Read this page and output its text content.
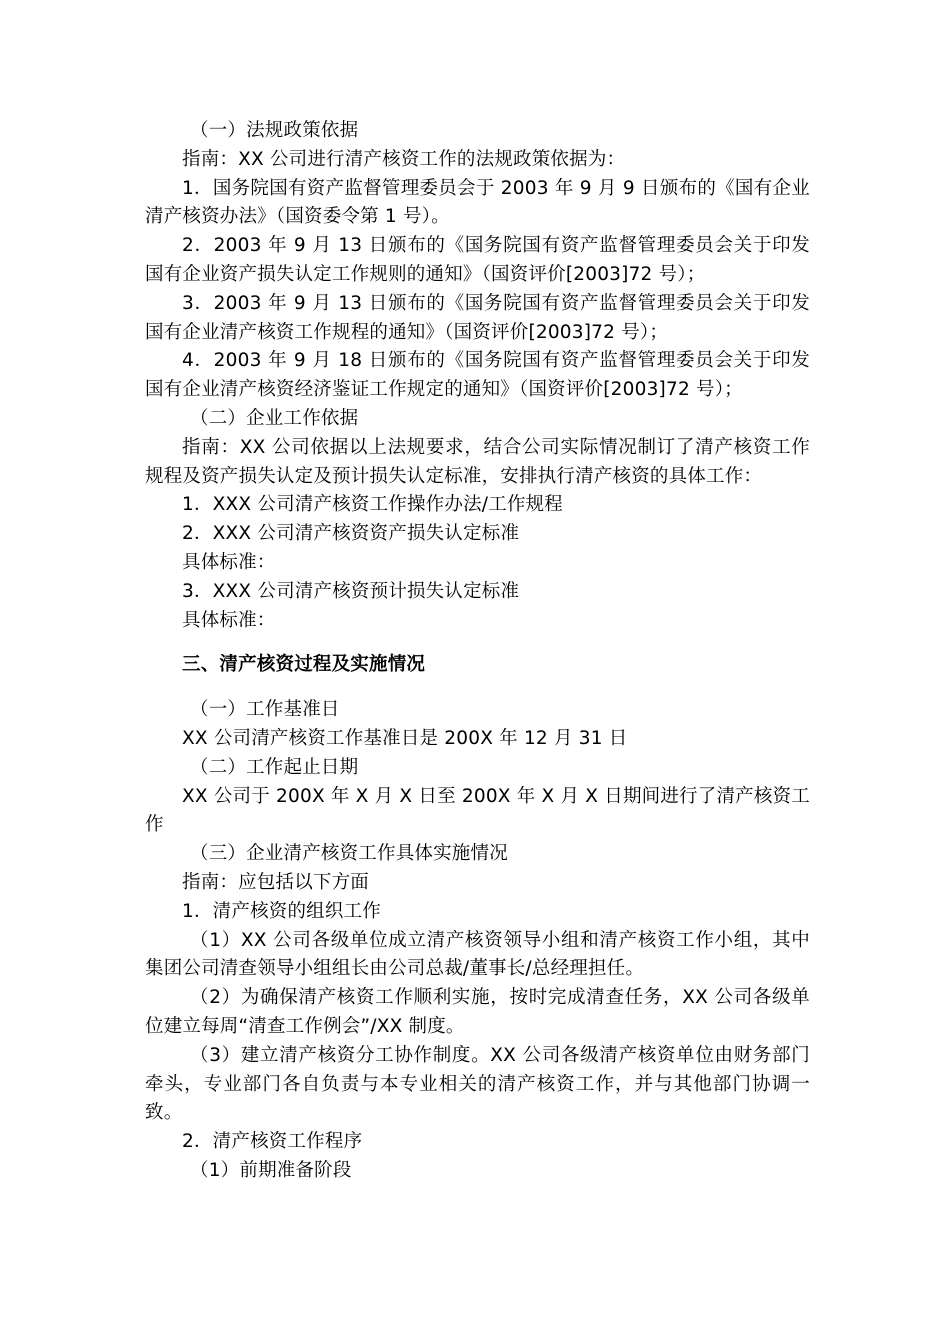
（一）法规政策依据
指南：XX 公司进行清产核资工作的法规政策依据为：

1．国务院国有资产监督管理委员会于 2003 年 9 月 9 日颁布的《国有企业清产核资办法》（国资委令第 1 号）。

2．2003 年 9 月 13 日颁布的《国务院国有资产监督管理委员会关于印发国有企业资产损失认定工作规则的通知》（国资评价[2003]72 号）；

3．2003 年 9 月 13 日颁布的《国务院国有资产监督管理委员会关于印发国有企业清产核资工作规程的通知》（国资评价[2003]72 号）；

4．2003 年 9 月 18 日颁布的《国务院国有资产监督管理委员会关于印发国有企业清产核资经济鉴证工作规定的通知》（国资评价[2003]72 号）；

（二）企业工作依据

指南：XX 公司依据以上法规要求，结合公司实际情况制订了清产核资工作规程及资产损失认定及预计损失认定标准，安排执行清产核资的具体工作：

1．XXX 公司清产核资工作操作办法/工作规程
2．XXX 公司清产核资资产损失认定标准
具体标准：
3．XXX 公司清产核资预计损失认定标准
具体标准：
三、清产核资过程及实施情况
（一）工作基准日
XX 公司清产核资工作基准日是 200X 年 12 月 31 日
（二）工作起止日期

XX 公司于 200X 年 X 月 X 日至 200X 年 X 月 X 日期间进行了清产核资工作

（三）企业清产核资工作具体实施情况
指南：应包括以下方面
1．清产核资的组织工作

（1）XX 公司各级单位成立清产核资领导小组和清产核资工作小组，其中集团公司清查领导小组组长由公司总裁/董事长/总经理担任。

（2）为确保清产核资工作顺利实施，按时完成清查任务，XX 公司各级单位建立每周“清查工作例会”/XX 制度。

（3）建立清产核资分工协作制度。XX 公司各级清产核资单位由财务部门牵头，专业部门各自负责与本专业相关的清产核资工作，并与其他部门协调一致。

2．清产核资工作程序
（1）前期准备阶段
